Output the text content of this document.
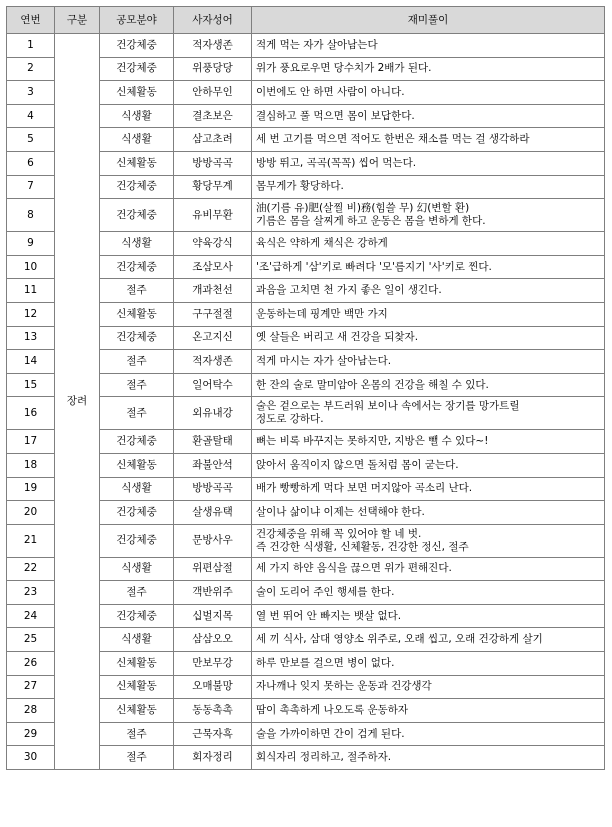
연번	구분	공모분야	사자성어	재미풀이
1	장려	건강체중	적자생존	적게 먹는 자가 살아남는다
2		건강체중	위풍당당	위가 풍요로우면 당수치가 2배가 된다.
3		신체활동	안하무인	이번에도 안 하면 사람이 아니다.
4		식생활	결초보은	결심하고 풀 먹으면 몸이 보답한다.
5		식생활	삼고초려	세 번 고기를 먹으면 적어도 한번은 채소를 먹는 걸 생각하라
6		신체활동	방방곡곡	방방 뛰고, 곡곡(꼭꼭) 씹어 먹는다.
7		건강체중	황당무계	몸무게가 황당하다.
8		건강체중	유비무환	油(기름 유)肥(살찔 비)務(힘쓸 무) 幻(변할 환)
기름은 몸을 살찌게 하고 운동은 몸을 변하게 한다.
9		식생활	약육강식	육식은 약하게 채식은 강하게
10		건강체중	조삼모사	'조'급하게 '삼'키로 빠려다 '모'름지기 '사'키로 찐다.
11		절주	개과천선	과음을 고치면 천 가지 좋은 일이 생긴다.
12		신체활동	구구절절	운동하는데 핑계만 백만 가지
13		건강체중	온고지신	옛 살들은 버리고 새 건강을 되찾자.
14		절주	적자생존	적게 마시는 자가 살아남는다.
15		절주	일어탁수	한 잔의 술로 말미암아 온몸의 건강을 해칠 수 있다.
16		절주	외유내강	술은 겉으로는 부드러워 보이나 속에서는 장기를 망가트릴
정도로 강하다.
17		건강체중	환골탈태	뼈는 비록 바꾸지는 못하지만, 지방은 뺄 수 있다~!
18		신체활동	좌불안석	앉아서 움직이지 않으면 돌처럼 몸이 굳는다.
19		식생활	방방곡곡	배가 빵빵하게 먹다 보면 머지않아 곡소리 난다.
20		건강체중	살생유택	살이나 삶이냐 이제는 선택해야 한다.
21		건강체중	문방사우	건강체중을 위해 꼭 있어야 할 네 벗.
즉 건강한 식생활, 신체활동, 건강한 정신, 절주
22		식생활	위편삼절	세 가지 하얀 음식을 끊으면 위가 편해진다.
23		절주	객반위주	술이 도리어 주인 행세를 한다.
24		건강체중	십벌지목	열 번 뛰어 안 빠지는 뱃살 없다.
25		식생활	삼삼오오	세 끼 식사, 삼대 영양소 위주로, 오래 씹고, 오래 건강하게 살기
26		신체활동	만보무강	하루 만보를 걸으면 병이 없다.
27		신체활동	오매불망	자나깨나 잊지 못하는 운동과 건강생각
28		신체활동	동동촉촉	땀이 촉촉하게 나오도록 운동하자
29		절주	근묵자흑	술을 가까이하면 간이 검게 된다.
30		절주	회자정리	회식자리 정리하고, 절주하자.
